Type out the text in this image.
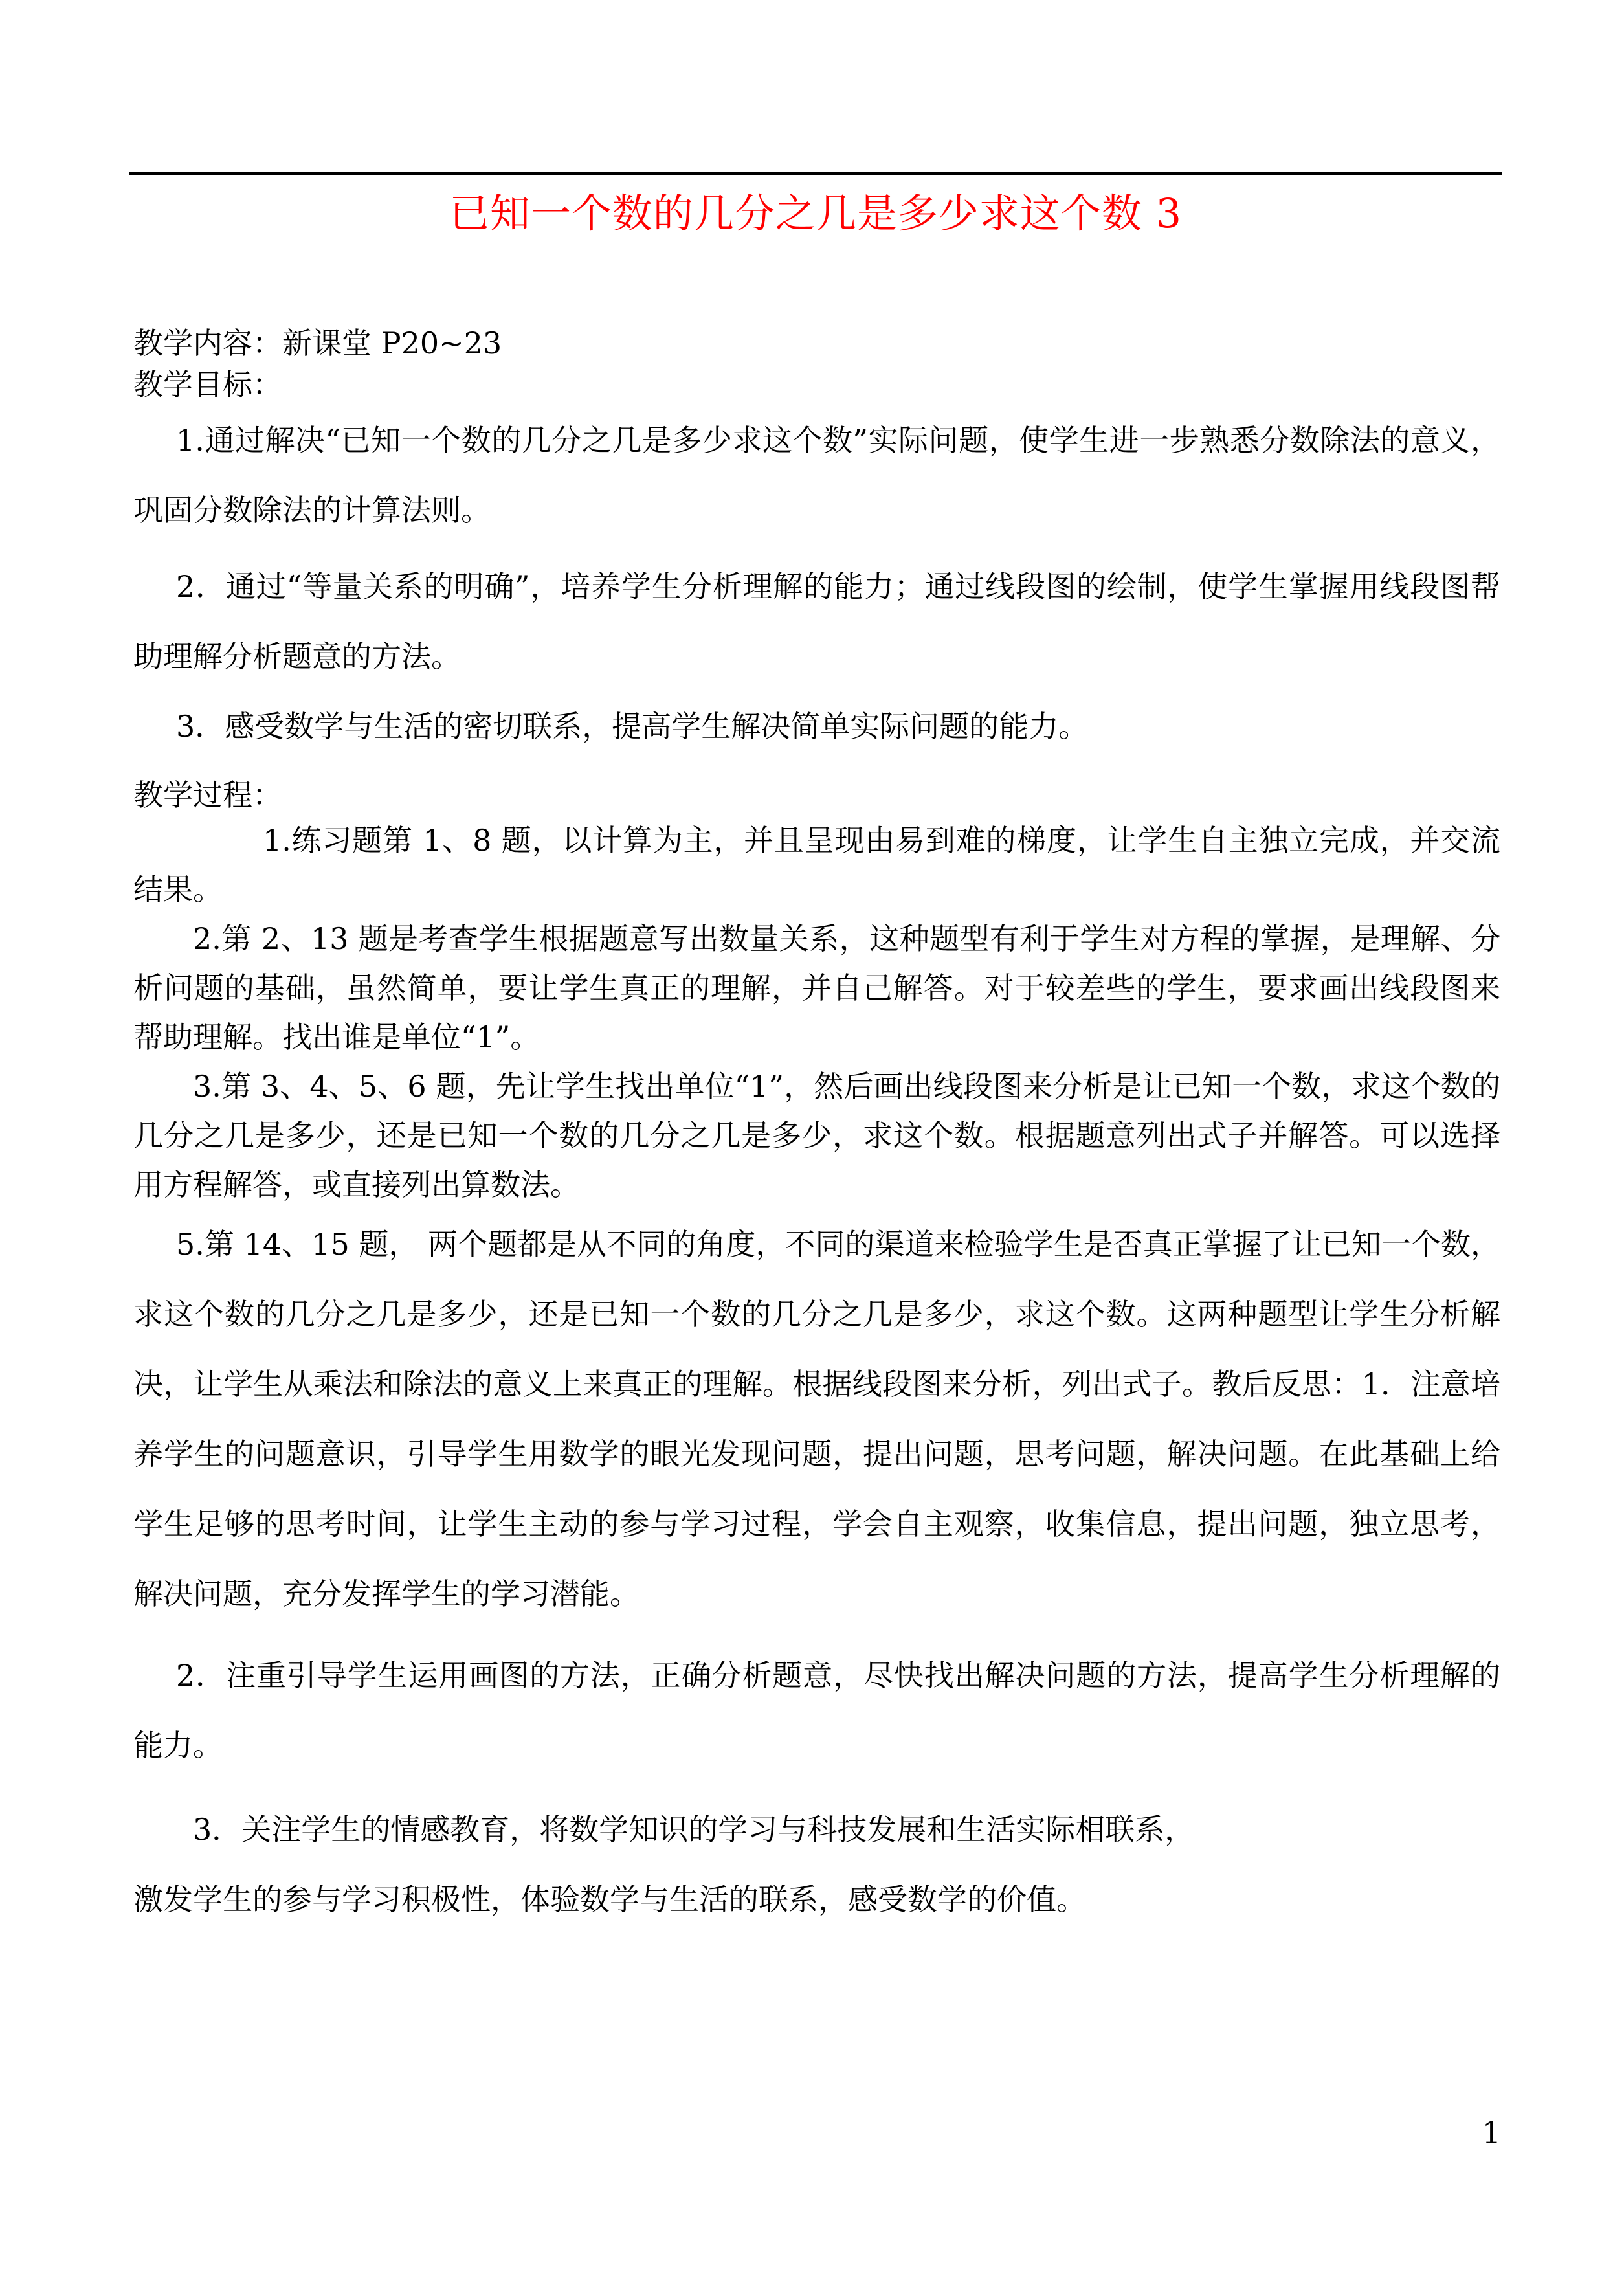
已知一个数的几分之几是多少求这个数 3

教学内容：新课堂 P20~23

教学目标：

1.通过解决“已知一个数的几分之几是多少求这个数”实际问题，使学生进一步熟悉分数除法的意义，巩固分数除法的计算法则。

2．通过“等量关系的明确”，培养学生分析理解的能力；通过线段图的绘制，使学生掌握用线段图帮助理解分析题意的方法。

3．感受数学与生活的密切联系，提高学生解决简单实际问题的能力。

教学过程：

1.练习题第 1、8 题，以计算为主，并且呈现由易到难的梯度，让学生自主独立完成，并交流结果。

2.第 2、13 题是考查学生根据题意写出数量关系，这种题型有利于学生对方程的掌握，是理解、分析问题的基础，虽然简单，要让学生真正的理解，并自己解答。对于较差些的学生，要求画出线段图来帮助理解。找出谁是单位“1”。

3.第 3、4、5、6 题，先让学生找出单位“1”，然后画出线段图来分析是让已知一个数，求这个数的几分之几是多少，还是已知一个数的几分之几是多少，求这个数。根据题意列出式子并解答。可以选择用方程解答，或直接列出算数法。

5.第 14、15 题， 两个题都是从不同的角度，不同的渠道来检验学生是否真正掌握了让已知一个数，求这个数的几分之几是多少，还是已知一个数的几分之几是多少，求这个数。这两种题型让学生分析解决，让学生从乘法和除法的意义上来真正的理解。根据线段图来分析，列出式子。教后反思：1．注意培养学生的问题意识，引导学生用数学的眼光发现问题，提出问题，思考问题，解决问题。在此基础上给学生足够的思考时间，让学生主动的参与学习过程，学会自主观察，收集信息，提出问题，独立思考，解决问题，充分发挥学生的学习潜能。

2．注重引导学生运用画图的方法，正确分析题意，尽快找出解决问题的方法，提高学生分析理解的能力。

3．关注学生的情感教育，将数学知识的学习与科技发展和生活实际相联系，

激发学生的参与学习积极性，体验数学与生活的联系，感受数学的价值。

1
